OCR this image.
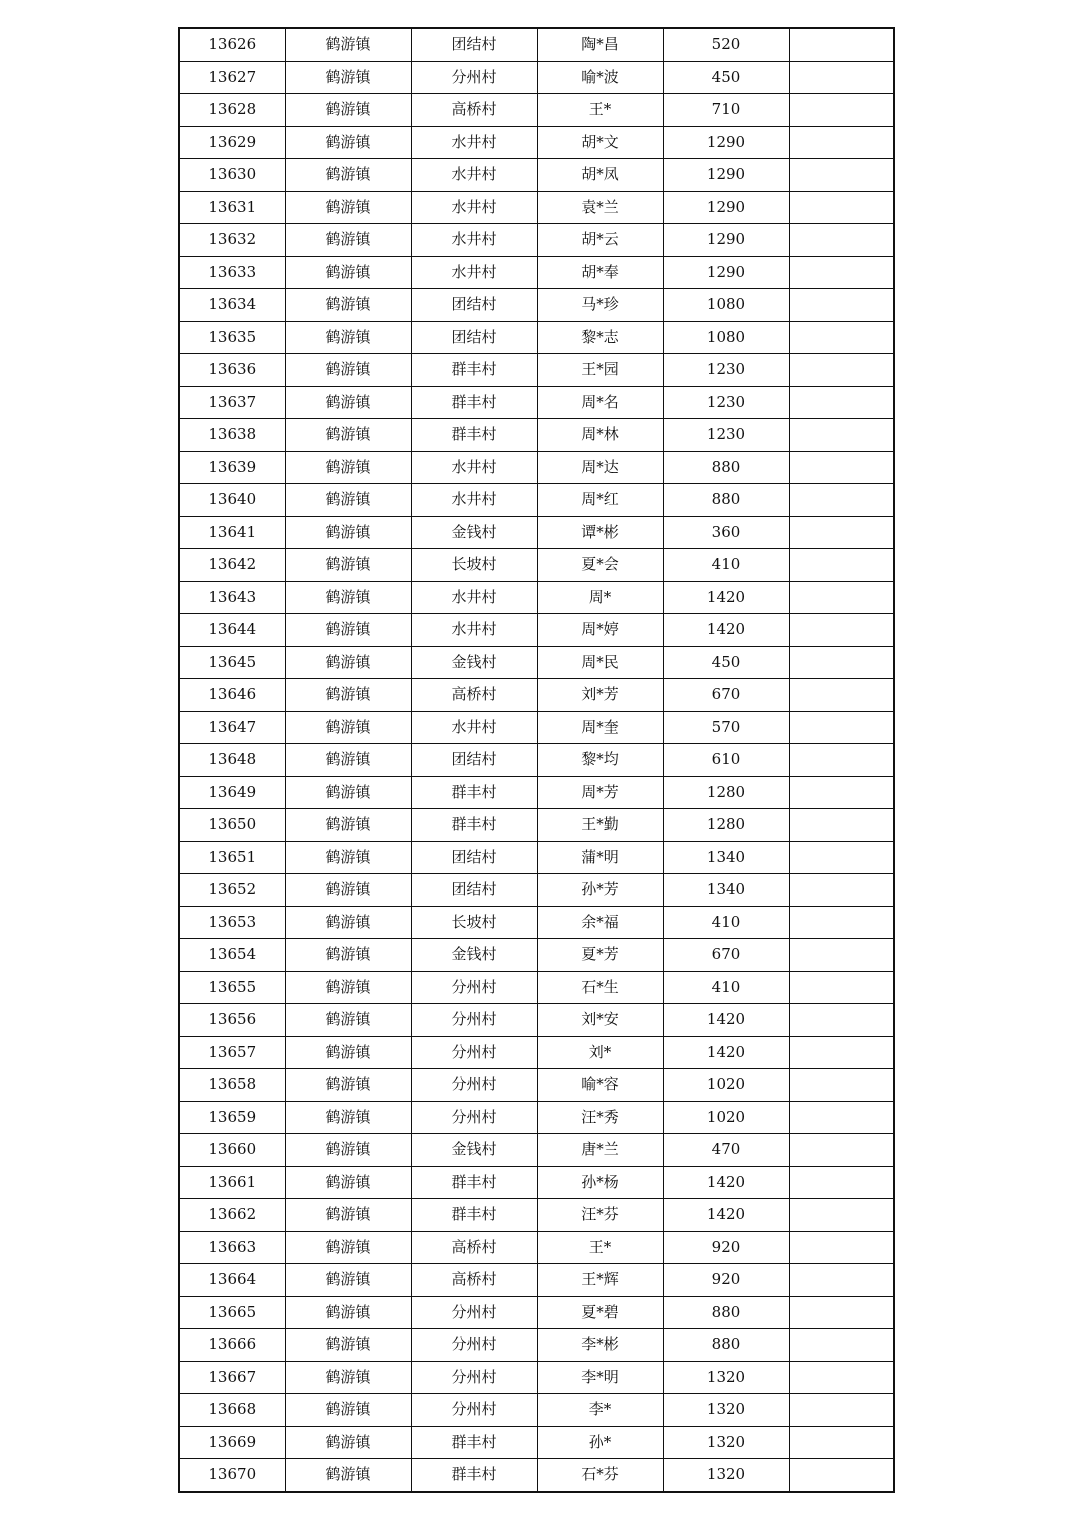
13626	鹤游镇	团结村	陶*昌	520	
13627	鹤游镇	分州村	喻*波	450	
13628	鹤游镇	高桥村	王*	710	
13629	鹤游镇	水井村	胡*文	1290	
13630	鹤游镇	水井村	胡*凤	1290	
13631	鹤游镇	水井村	袁*兰	1290	
13632	鹤游镇	水井村	胡*云	1290	
13633	鹤游镇	水井村	胡*奉	1290	
13634	鹤游镇	团结村	马*珍	1080	
13635	鹤游镇	团结村	黎*志	1080	
13636	鹤游镇	群丰村	王*园	1230	
13637	鹤游镇	群丰村	周*名	1230	
13638	鹤游镇	群丰村	周*林	1230	
13639	鹤游镇	水井村	周*达	880	
13640	鹤游镇	水井村	周*红	880	
13641	鹤游镇	金钱村	谭*彬	360	
13642	鹤游镇	长坡村	夏*会	410	
13643	鹤游镇	水井村	周*	1420	
13644	鹤游镇	水井村	周*婷	1420	
13645	鹤游镇	金钱村	周*民	450	
13646	鹤游镇	高桥村	刘*芳	670	
13647	鹤游镇	水井村	周*奎	570	
13648	鹤游镇	团结村	黎*均	610	
13649	鹤游镇	群丰村	周*芳	1280	
13650	鹤游镇	群丰村	王*勤	1280	
13651	鹤游镇	团结村	蒲*明	1340	
13652	鹤游镇	团结村	孙*芳	1340	
13653	鹤游镇	长坡村	余*福	410	
13654	鹤游镇	金钱村	夏*芳	670	
13655	鹤游镇	分州村	石*生	410	
13656	鹤游镇	分州村	刘*安	1420	
13657	鹤游镇	分州村	刘*	1420	
13658	鹤游镇	分州村	喻*容	1020	
13659	鹤游镇	分州村	汪*秀	1020	
13660	鹤游镇	金钱村	唐*兰	470	
13661	鹤游镇	群丰村	孙*杨	1420	
13662	鹤游镇	群丰村	汪*芬	1420	
13663	鹤游镇	高桥村	王*	920	
13664	鹤游镇	高桥村	王*辉	920	
13665	鹤游镇	分州村	夏*碧	880	
13666	鹤游镇	分州村	李*彬	880	
13667	鹤游镇	分州村	李*明	1320	
13668	鹤游镇	分州村	李*	1320	
13669	鹤游镇	群丰村	孙*	1320	
13670	鹤游镇	群丰村	石*芬	1320	
